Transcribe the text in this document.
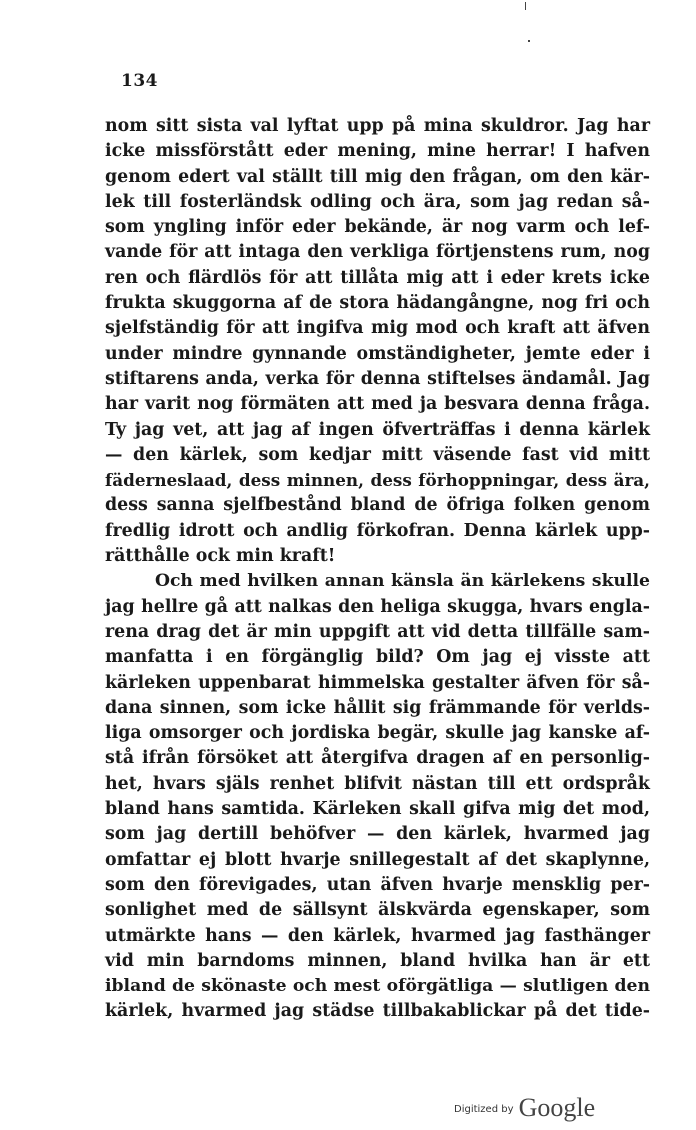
134
nom sitt sista val lyftat upp på mina skuldror. Jag har
icke missförstått eder mening, mine herrar! I hafven
genom edert val ställt till mig den frågan, om den kär-
lek till fosterländsk odling och ära, som jag redan så-
som yngling inför eder bekände, är nog varm och lef-
vande för att intaga den verkliga förtjenstens rum, nog
ren och flärdlös för att tillåta mig att i eder krets icke
frukta skuggorna af de stora hädangångne, nog fri och
sjelfständig för att ingifva mig mod och kraft att äfven
under mindre gynnande omständigheter, jemte eder i
stiftarens anda, verka för denna stiftelses ändamål. Jag
har varit nog förmäten att med ja besvara denna fråga.
Ty jag vet, att jag af ingen öfverträffas i denna kärlek
— den kärlek, som kedjar mitt väsende fast vid mitt
fäderneslaad, dess minnen, dess förhoppningar, dess ära,
dess sanna sjelfbestånd bland de öfriga folken genom
fredlig idrott och andlig förkofran. Denna kärlek upp-
rätthålle ock min kraft!
Och med hvilken annan känsla än kärlekens skulle
jag hellre gå att nalkas den heliga skugga, hvars engla-
rena drag det är min uppgift att vid detta tillfälle sam-
manfatta i en förgänglig bild? Om jag ej visste att
kärleken uppenbarat himmelska gestalter äfven för så-
dana sinnen, som icke hållit sig främmande för verlds-
liga omsorger och jordiska begär, skulle jag kanske af-
stå ifrån försöket att återgifva dragen af en personlig-
het, hvars själs renhet blifvit nästan till ett ordspråk
bland hans samtida. Kärleken skall gifva mig det mod,
som jag dertill behöfver — den kärlek, hvarmed jag
omfattar ej blott hvarje snillegestalt af det skaplynne,
som den förevigades, utan äfven hvarje mensklig per-
sonlighet med de sällsynt älskvärda egenskaper, som
utmärkte hans — den kärlek, hvarmed jag fasthänger
vid min barndoms minnen, bland hvilka han är ett
ibland de skönaste och mest oförgätliga — slutligen den
kärlek, hvarmed jag städse tillbakablickar på det tide-
$^{Digitized by}$ Google
